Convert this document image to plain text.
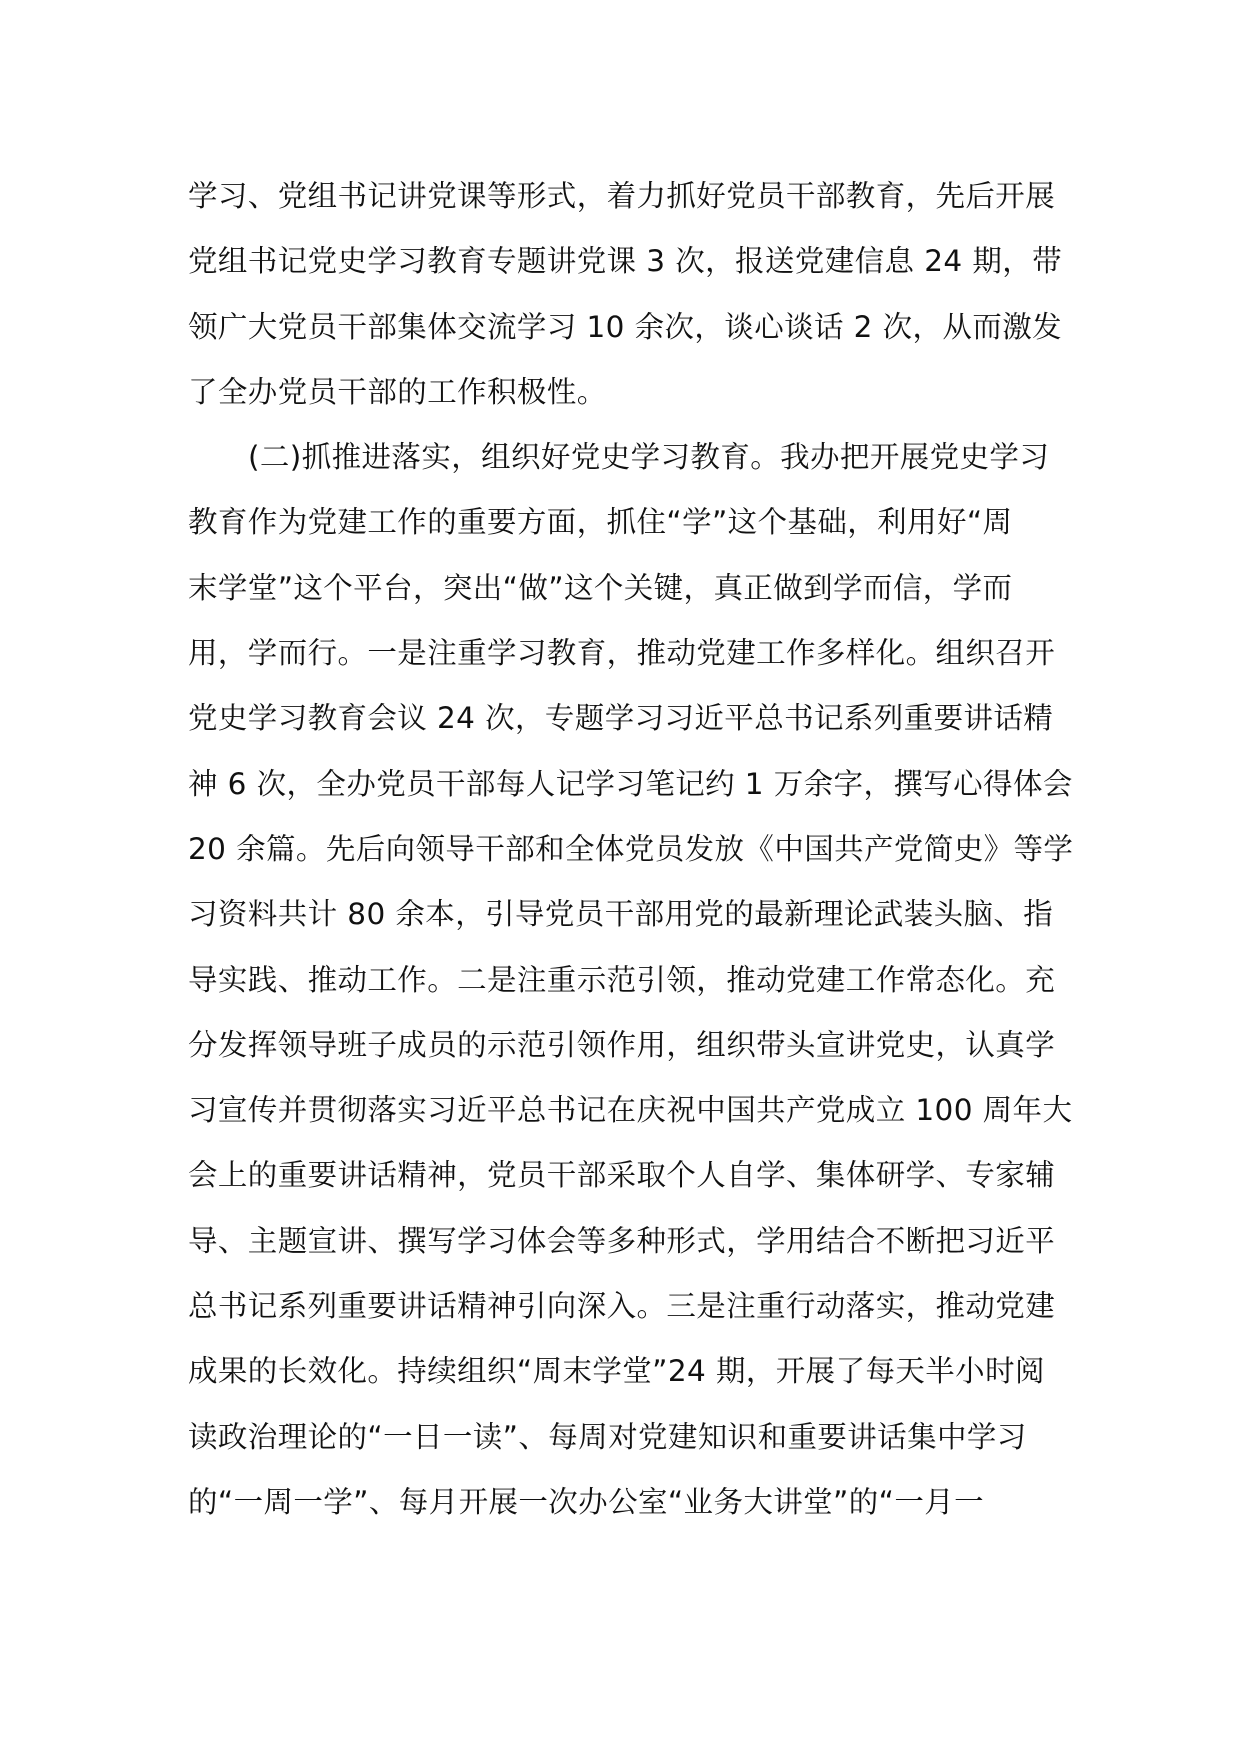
学习、党组书记讲党课等形式，着力抓好党员干部教育，先后开展
党组书记党史学习教育专题讲党课 3 次，报送党建信息 24 期，带
领广大党员干部集体交流学习 10 余次，谈心谈话 2 次，从而激发
了全办党员干部的工作积极性。
(二)抓推进落实，组织好党史学习教育。我办把开展党史学习
教育作为党建工作的重要方面，抓住“学”这个基础，利用好“周
末学堂”这个平台，突出“做”这个关键，真正做到学而信，学而
用，学而行。一是注重学习教育，推动党建工作多样化。组织召开
党史学习教育会议 24 次，专题学习习近平总书记系列重要讲话精
神 6 次，全办党员干部每人记学习笔记约 1 万余字，撰写心得体会
20 余篇。先后向领导干部和全体党员发放《中国共产党简史》等学
习资料共计 80 余本，引导党员干部用党的最新理论武装头脑、指
导实践、推动工作。二是注重示范引领，推动党建工作常态化。充
分发挥领导班子成员的示范引领作用，组织带头宣讲党史，认真学
习宣传并贯彻落实习近平总书记在庆祝中国共产党成立 100 周年大
会上的重要讲话精神，党员干部采取个人自学、集体研学、专家辅
导、主题宣讲、撰写学习体会等多种形式，学用结合不断把习近平
总书记系列重要讲话精神引向深入。三是注重行动落实，推动党建
成果的长效化。持续组织“周末学堂”24 期，开展了每天半小时阅
读政治理论的“一日一读”、每周对党建知识和重要讲话集中学习
的“一周一学”、每月开展一次办公室“业务大讲堂”的“一月一
